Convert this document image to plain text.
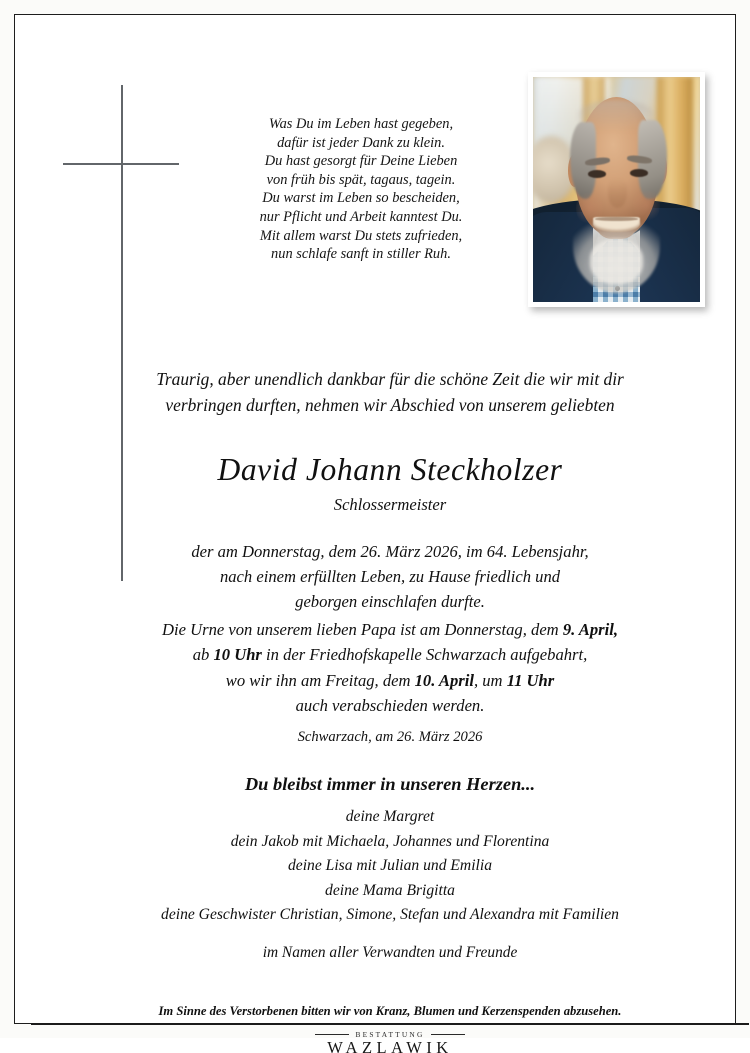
Was Du im Leben hast gegeben,
dafür ist jeder Dank zu klein.
Du hast gesorgt für Deine Lieben
von früh bis spät, tagaus, tagein.
Du warst im Leben so bescheiden,
nur Pflicht und Arbeit kanntest Du.
Mit allem warst Du stets zufrieden,
nun schlafe sanft in stiller Ruh.
Traurig, aber unendlich dankbar für die schöne Zeit die wir mit dir
verbringen durften, nehmen wir Abschied von unserem geliebten
David Johann Steckholzer
Schlossermeister
der am Donnerstag, dem 26. März 2026, im 64. Lebensjahr,
nach einem erfüllten Leben, zu Hause friedlich und
geborgen einschlafen durfte.
Die Urne von unserem lieben Papa ist am Donnerstag, dem 9. April,
ab 10 Uhr in der Friedhofskapelle Schwarzach aufgebahrt,
wo wir ihn am Freitag, dem 10. April, um 11 Uhr
auch verabschieden werden.
Schwarzach, am 26. März 2026
Du bleibst immer in unseren Herzen...
deine Margret
dein Jakob mit Michaela, Johannes und Florentina
deine Lisa mit Julian und Emilia
deine Mama Brigitta
deine Geschwister Christian, Simone, Stefan und Alexandra mit Familien
im Namen aller Verwandten und Freunde
Im Sinne des Verstorbenen bitten wir von Kranz, Blumen und Kerzenspenden abzusehen.
BESTATTUNG
WAZLAWIK
